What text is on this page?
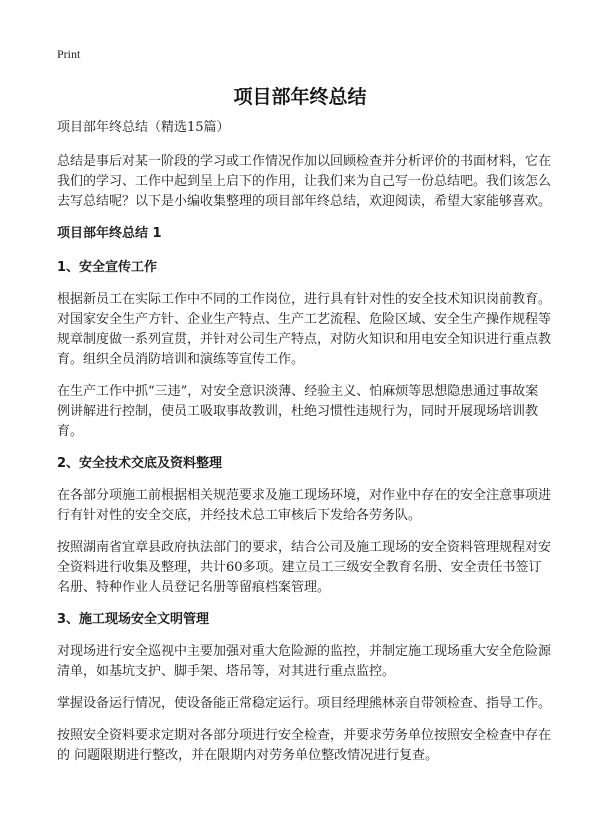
Print
项目部年终总结

项目部年终总结（精选15篇）

总结是事后对某一阶段的学习或工作情况作加以回顾检查并分析评价的书面材料，它在我们的学习、工作中起到呈上启下的作用，让我们来为自己写一份总结吧。我们该怎么去写总结呢？以下是小编收集整理的项目部年终总结，欢迎阅读，希望大家能够喜欢。

项目部年终总结 1
1、安全宣传工作

根据新员工在实际工作中不同的工作岗位，进行具有针对性的安全技术知识岗前教育。对国家安全生产方针、企业生产特点、生产工艺流程、危险区域、安全生产操作规程等规章制度做一系列宣贯，并针对公司生产特点，对防火知识和用电安全知识进行重点教育。组织全员消防培训和演练等宣传工作。

在生产工作中抓“三违”，对安全意识淡薄、经验主义、怕麻烦等思想隐患通过事故案例讲解进行控制，使员工吸取事故教训，杜绝习惯性违规行为，同时开展现场培训教育。

2、安全技术交底及资料整理

在各部分项施工前根据相关规范要求及施工现场环境，对作业中存在的安全注意事项进行有针对性的安全交底，并经技术总工审核后下发给各劳务队。

按照湖南省宜章县政府执法部门的要求，结合公司及施工现场的安全资料管理规程对安全资料进行收集及整理，共计60多项。建立员工三级安全教育名册、安全责任书签订名册、特种作业人员登记名册等留痕档案管理。

3、施工现场安全文明管理

对现场进行安全巡视中主要加强对重大危险源的监控，并制定施工现场重大安全危险源清单，如基坑支护、脚手架、塔吊等，对其进行重点监控。

掌握设备运行情况，使设备能正常稳定运行。项目经理熊林亲自带领检查、指导工作。

按照安全资料要求定期对各部分项进行安全检查，并要求劳务单位按照安全检查中存在的 问题限期进行整改，并在限期内对劳务单位整改情况进行复查。
